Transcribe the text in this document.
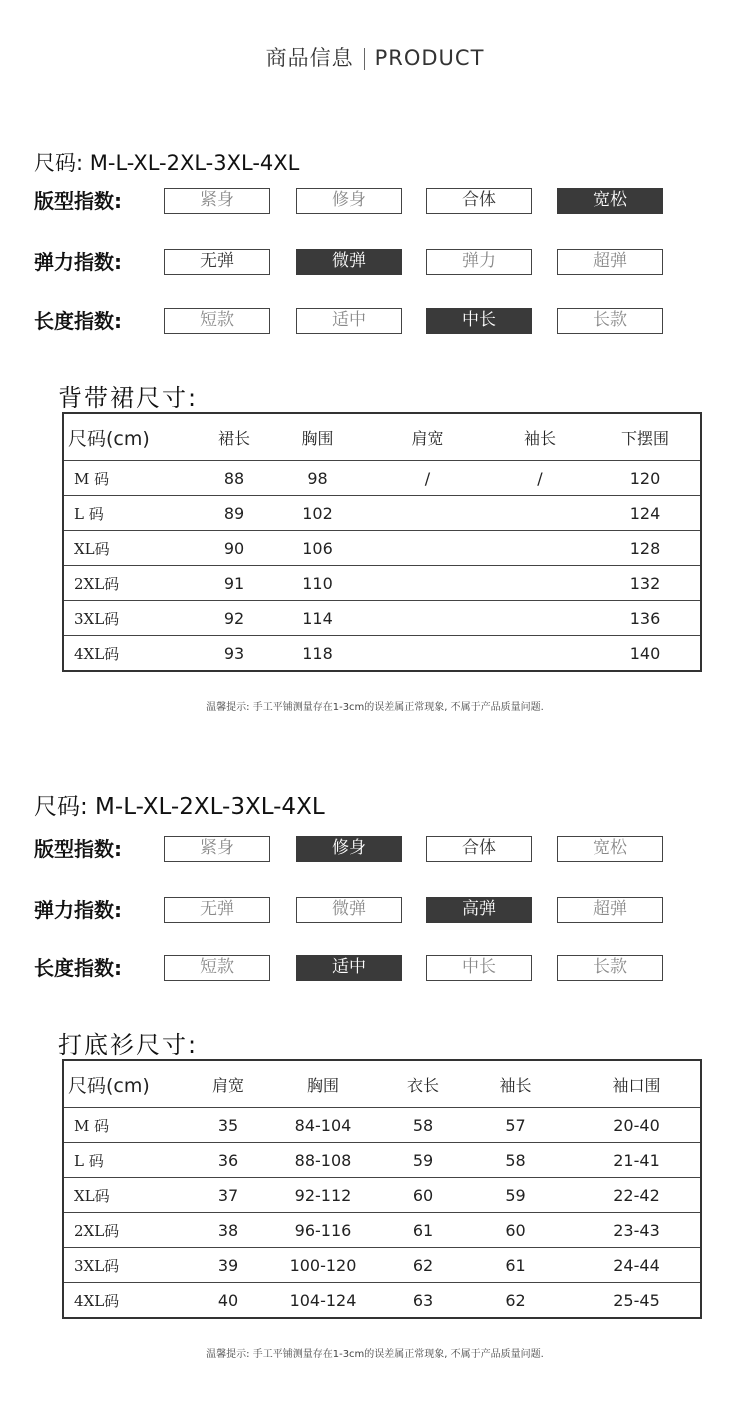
商品信息 PRODUCT
尺码: M-L-XL-2XL-3XL-4XL
版型指数:	紧身	修身	合体	宽松
弹力指数:	无弹	微弹	弹力	超弹
长度指数:	短款	适中	中长	长款
背带裙尺寸:
尺码(cm)	裙长	胸围	肩宽	袖长	下摆围
M 码	88	98	/	/	120
L 码	89	102			124
XL码	90	106			128
2XL码	91	110			132
3XL码	92	114			136
4XL码	93	118			140
温馨提示: 手工平铺测量存在1-3cm的误差属正常现象, 不属于产品质量问题.
尺码: M-L-XL-2XL-3XL-4XL
版型指数:	紧身	修身	合体	宽松
弹力指数:	无弹	微弹	高弹	超弹
长度指数:	短款	适中	中长	长款
打底衫尺寸:
尺码(cm)	肩宽	胸围	衣长	袖长	袖口围
M 码	35	84-104	58	57	20-40
L 码	36	88-108	59	58	21-41
XL码	37	92-112	60	59	22-42
2XL码	38	96-116	61	60	23-43
3XL码	39	100-120	62	61	24-44
4XL码	40	104-124	63	62	25-45
温馨提示: 手工平铺测量存在1-3cm的误差属正常现象, 不属于产品质量问题.
